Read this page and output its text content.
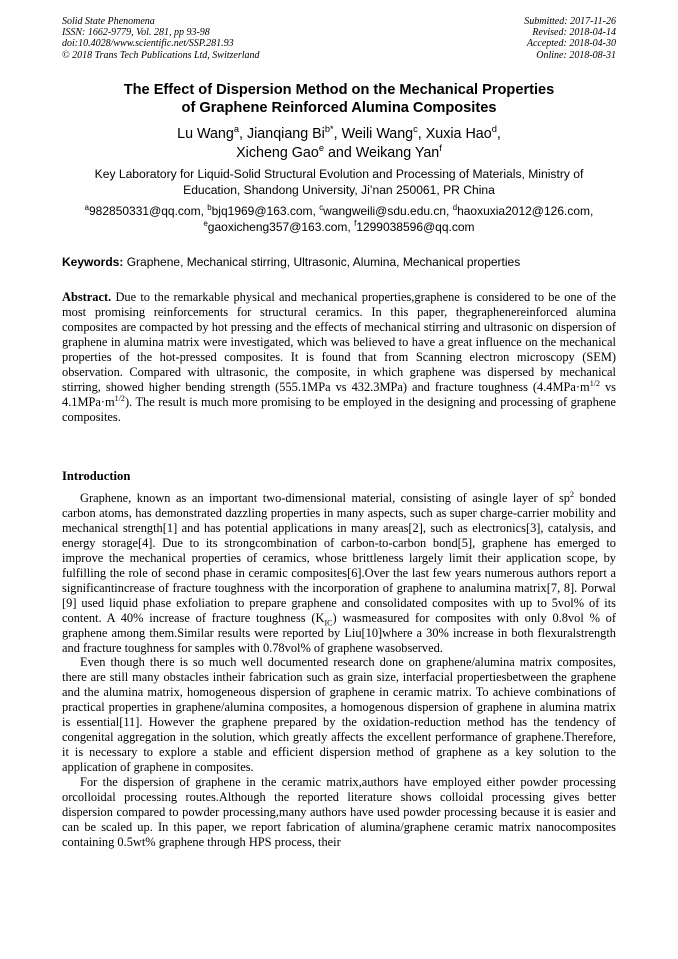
Solid State Phenomena
ISSN: 1662-9779, Vol. 281, pp 93-98
doi:10.4028/www.scientific.net/SSP.281.93
© 2018 Trans Tech Publications Ltd, Switzerland
Submitted: 2017-11-26
Revised: 2018-04-14
Accepted: 2018-04-30
Online: 2018-08-31
The Effect of Dispersion Method on the Mechanical Properties
of Graphene Reinforced Alumina Composites
Lu Wang$^a$, Jianqiang $Bi^{b*}$, Weili Wang$^c$, Xuxia Hao$^d$,
Xicheng Gao$^e$ and Weikang Yan$^f$
Key Laboratory for Liquid-Solid Structural Evolution and Processing of Materials, Ministry of
Education, Shandong University, Ji’nan 250061, PR China
$^a$982850331@qq.com, $^b$bjq1969@163.com, $^c$wangweili@sdu.edu.cn, $^d$haoxuxia2012@126.com,
$^e$gaoxicheng357@163.com, $^f$1299038596@qq.com
Keywords: Graphene, Mechanical stirring, Ultrasonic, Alumina, Mechanical properties
Abstract. Due to the remarkable physical and mechanical properties,graphene is considered to be one of the most promising reinforcements for structural ceramics. In this paper, thegraphenereinforced alumina composites are compacted by hot pressing and the effects of mechanical stirring and ultrasonic on dispersion of graphene in alumina matrix were investigated, which was believed to have a great influence on the mechanical properties of the hot-pressed composites. It is found that from Scanning electron microscopy (SEM) observation. Compared with ultrasonic, the composite, in which graphene was dispersed by mechanical stirring, showed higher bending strength (555.1MPa vs 432.3MPa) and fracture toughness ($4.4MPa\cdot m^{1/2}$ vs $4.1MPa\cdot m^{1/2}$). The result is much more promising to be employed in the designing and processing of graphene composites.
Introduction

Graphene, known as an important two-dimensional material, consisting of asingle layer of $sp^2$ bonded carbon atoms, has demonstrated dazzling properties in many aspects, such as super charge-carrier mobility and mechanical strength[1] and has potential applications in many areas[2], such as electronics[3], catalysis, and energy storage[4]. Due to its strongcombination of carbon-to-carbon bond[5], graphene has emerged to improve the mechanical properties of ceramics, whose brittleness largely limit their application scope, by fulfilling the role of second phase in ceramic composites[6].Over the last few years numerous authors report a significantincrease of fracture toughness with the incorporation of graphene to analumina matrix[7, 8]. Porwal [9] used liquid phase exfoliation to prepare graphene and consolidated composites with up to 5vol% of its content. A 40% increase of fracture toughness $(K_{IC})$ wasmeasured for composites with only 0.8vol % of graphene among them.Similar results were reported by Liu[10]where a 30% increase in both flexuralstrength and fracture toughness for samples with 0.78vol% of graphene wasobserved.

Even though there is so much well documented research done on graphene/alumina matrix composites, there are still many obstacles intheir fabrication such as grain size, interfacial propertiesbetween the graphene and the alumina matrix, homogeneous dispersion of graphene in ceramic matrix. To achieve combinations of practical properties in graphene/alumina composites, a homogenous dispersion of graphene in alumina matrix is essential[11]. However the graphene prepared by the oxidation-reduction method has the tendency of congenital aggregation in the solution, which greatly affects the excellent performance of graphene.Therefore, it is necessary to explore a stable and efficient dispersion method of graphene as a key solution to the application of graphene in composites.

For the dispersion of graphene in the ceramic matrix,authors have employed either powder processing orcolloidal processing routes.Although the reported literature shows colloidal processing gives better dispersion compared to powder processing,many authors have used powder processing because it is easier and can be scaled up. In this paper, we report fabrication of alumina/graphene ceramic matrix nanocomposites containing 0.5wt% graphene through HPS process, their
